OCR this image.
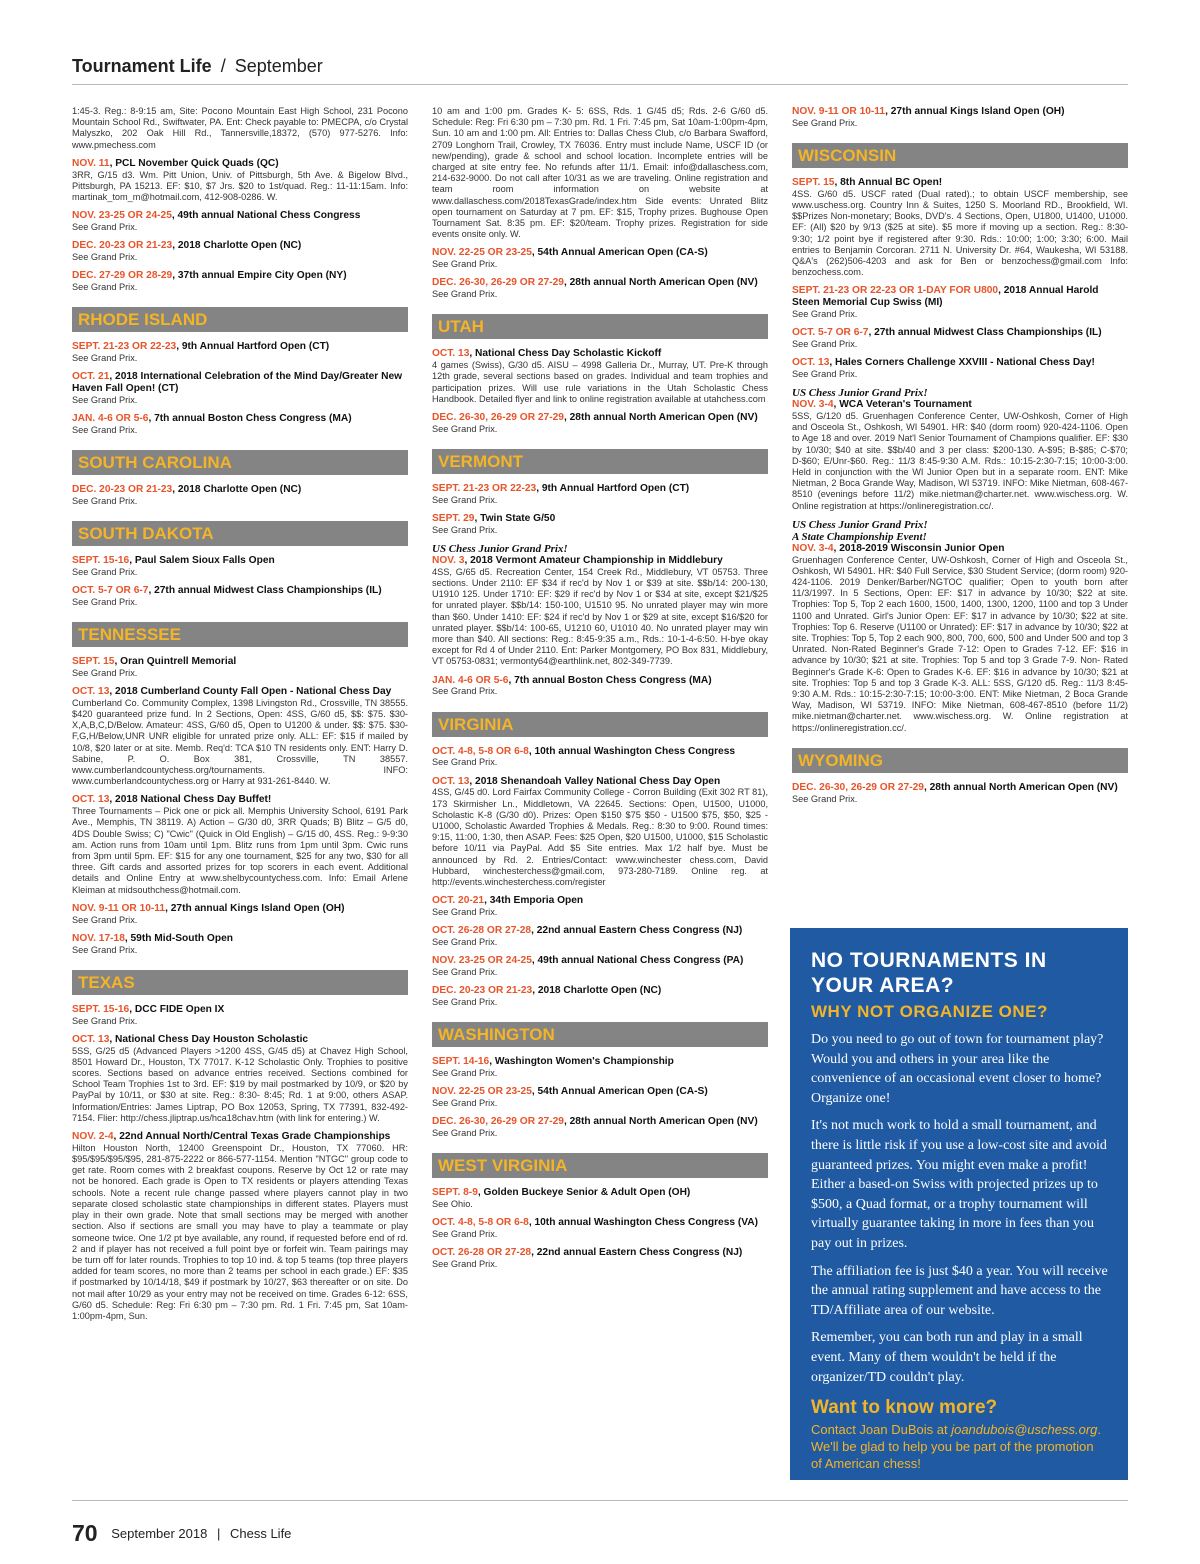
Tournament Life / September
1:45-3. Reg.: 8-9:15 am, Site: Pocono Mountain East High School, 231 Pocono Mountain School Rd., Swiftwater, PA. Ent: Check payable to: PMECPA, c/o Crystal Malyszko, 202 Oak Hill Rd., Tannersville,18372, (570) 977-5276. Info: www.pmechess.com
NOV. 11, PCL November Quick Quads (QC)
3RR, G/15 d3. Wm. Pitt Union, Univ. of Pittsburgh, 5th Ave. & Bigelow Blvd., Pittsburgh, PA 15213. EF: $10, $7 Jrs. $20 to 1st/quad. Reg.: 11-11:15am. Info: martinak_tom_m@hotmail.com, 412-908-0286. W.
NOV. 23-25 OR 24-25, 49th annual National Chess Congress
See Grand Prix.
DEC. 20-23 OR 21-23, 2018 Charlotte Open (NC)
See Grand Prix.
DEC. 27-29 OR 28-29, 37th annual Empire City Open (NY)
See Grand Prix.
RHODE ISLAND
SEPT. 21-23 OR 22-23, 9th Annual Hartford Open (CT)
See Grand Prix.
OCT. 21, 2018 International Celebration of the Mind Day/Greater New Haven Fall Open! (CT)
See Grand Prix.
JAN. 4-6 OR 5-6, 7th annual Boston Chess Congress (MA)
See Grand Prix.
SOUTH CAROLINA
DEC. 20-23 OR 21-23, 2018 Charlotte Open (NC)
See Grand Prix.
SOUTH DAKOTA
SEPT. 15-16, Paul Salem Sioux Falls Open
See Grand Prix.
OCT. 5-7 OR 6-7, 27th annual Midwest Class Championships (IL)
See Grand Prix.
TENNESSEE
SEPT. 15, Oran Quintrell Memorial
See Grand Prix.
OCT. 13, 2018 Cumberland County Fall Open - National Chess Day
Cumberland Co. Community Complex, 1398 Livingston Rd., Crossville, TN 38555. $420 guaranteed prize fund. In 2 Sections, Open: 4SS, G/60 d5, $$: $75. $30-X,A,B,C,D/Below. Amateur: 4SS, G/60 d5, Open to U1200 & under. $$: $75. $30-F,G,H/Below,UNR UNR eligible for unrated prize only. ALL: EF: $15 if mailed by 10/8, $20 later or at site. Memb. Req'd: TCA $10 TN residents only. ENT: Harry D. Sabine, P. O. Box 381, Crossville, TN 38557. www.cumberlandcountychess.org/tournaments. INFO: www.cumberlandcountychess.org or Harry at 931-261-8440. W.
OCT. 13, 2018 National Chess Day Buffet!
Three Tournaments – Pick one or pick all. Memphis University School, 6191 Park Ave., Memphis, TN 38119. A) Action – G/30 d0, 3RR Quads; B) Blitz – G/5 d0, 4DS Double Swiss; C) "Cwic" (Quick in Old English) – G/15 d0, 4SS. Reg.: 9-9:30 am. Action runs from 10am until 1pm. Blitz runs from 1pm until 3pm. Cwic runs from 3pm until 5pm. EF: $15 for any one tournament, $25 for any two, $30 for all three. Gift cards and assorted prizes for top scorers in each event. Additional details and Online Entry at www.shelbycountychess.com. Info: Email Arlene Kleiman at midsouthchess@hotmail.com.
NOV. 9-11 OR 10-11, 27th annual Kings Island Open (OH)
See Grand Prix.
NOV. 17-18, 59th Mid-South Open
See Grand Prix.
TEXAS
SEPT. 15-16, DCC FIDE Open IX
See Grand Prix.
OCT. 13, National Chess Day Houston Scholastic
5SS, G/25 d5 (Advanced Players >1200 4SS, G/45 d5) at Chavez High School, 8501 Howard Dr., Houston, TX 77017. K-12 Scholastic Only. Trophies to positive scores. Sections based on advance entries received. Sections combined for School Team Trophies 1st to 3rd. EF: $19 by mail postmarked by 10/9, or $20 by PayPal by 10/11, or $30 at site. Reg.: 8:30- 8:45; Rd. 1 at 9:00, others ASAP. Information/Entries: James Liptrap, PO Box 12053, Spring, TX 77391, 832-492-7154. Flier: http://chess.jliptrap.us/hca18chav.htm (with link for entering.) W.
NOV. 2-4, 22nd Annual North/Central Texas Grade Championships
Hilton Houston North, 12400 Greenspoint Dr., Houston, TX 77060. HR: $95/$95/$95/$95, 281-875-2222 or 866-577-1154. Mention "NTGC" group code to get rate. Room comes with 2 breakfast coupons. Reserve by Oct 12 or rate may not be honored. Each grade is Open to TX residents or players attending Texas schools. Note a recent rule change passed where players cannot play in two separate closed scholastic state championships in different states. Players must play in their own grade. Note that small sections may be merged with another section. Also if sections are small you may have to play a teammate or play someone twice. One 1/2 pt bye available, any round, if requested before end of rd. 2 and if player has not received a full point bye or forfeit win. Team pairings may be turn off for later rounds. Trophies to top 10 ind. & top 5 teams (top three players added for team scores, no more than 2 teams per school in each grade.) EF: $35 if postmarked by 10/14/18, $49 if postmark by 10/27, $63 thereafter or on site. Do not mail after 10/29 as your entry may not be received on time. Grades 6-12: 6SS, G/60 d5. Schedule: Reg: Fri 6:30 pm – 7:30 pm. Rd. 1 Fri. 7:45 pm, Sat 10am-1:00pm-4pm, Sun.
10 am and 1:00 pm. Grades K- 5: 6SS, Rds. 1 G/45 d5; Rds. 2-6 G/60 d5. Schedule: Reg: Fri 6:30 pm – 7:30 pm. Rd. 1 Fri. 7:45 pm, Sat 10am-1:00pm-4pm, Sun. 10 am and 1:00 pm. All: Entries to: Dallas Chess Club, c/o Barbara Swafford, 2709 Longhorn Trail, Crowley, TX 76036. Entry must include Name, USCF ID (or new/pending), grade & school and school location. Incomplete entries will be charged at site entry fee. No refunds after 11/1. Email: info@dallaschess.com, 214-632-9000. Do not call after 10/31 as we are traveling. Online registration and team room information on website at www.dallaschess.com/2018TexasGrade/index.htm Side events: Unrated Blitz open tournament on Saturday at 7 pm. EF: $15, Trophy prizes. Bughouse Open Tournament Sat. 8:35 pm. EF: $20/team. Trophy prizes. Registration for side events onsite only. W.
NOV. 22-25 OR 23-25, 54th Annual American Open (CA-S)
See Grand Prix.
DEC. 26-30, 26-29 OR 27-29, 28th annual North American Open (NV)
See Grand Prix.
UTAH
OCT. 13, National Chess Day Scholastic Kickoff
4 games (Swiss), G/30 d5. AISU – 4998 Galleria Dr., Murray, UT. Pre-K through 12th grade, several sections based on grades. Individual and team trophies and participation prizes. Will use rule variations in the Utah Scholastic Chess Handbook. Detailed flyer and link to online registration available at utahchess.com
DEC. 26-30, 26-29 OR 27-29, 28th annual North American Open (NV)
See Grand Prix.
VERMONT
SEPT. 21-23 OR 22-23, 9th Annual Hartford Open (CT)
See Grand Prix.
SEPT. 29, Twin State G/50
See Grand Prix.
US Chess Junior Grand Prix!
NOV. 3, 2018 Vermont Amateur Championship in Middlebury
4SS, G/65 d5. Recreation Center, 154 Creek Rd., Middlebury, VT 05753. Three sections. Under 2110: EF $34 if rec'd by Nov 1 or $39 at site. $$b/14: 200-130, U1910 125. Under 1710: EF: $29 if rec'd by Nov 1 or $34 at site, except $21/$25 for unrated player. $$b/14: 150-100, U1510 95. No unrated player may win more than $60. Under 1410: EF: $24 if rec'd by Nov 1 or $29 at site, except $16/$20 for unrated player. $$b/14: 100-65, U1210 60, U1010 40. No unrated player may win more than $40. All sections: Reg.: 8:45-9:35 a.m., Rds.: 10-1-4-6:50. H-bye okay except for Rd 4 of Under 2110. Ent: Parker Montgomery, PO Box 831, Middlebury, VT 05753-0831; vermonty64@earthlink.net, 802-349-7739.
JAN. 4-6 OR 5-6, 7th annual Boston Chess Congress (MA)
See Grand Prix.
VIRGINIA
OCT. 4-8, 5-8 OR 6-8, 10th annual Washington Chess Congress
See Grand Prix.
OCT. 13, 2018 Shenandoah Valley National Chess Day Open
4SS, G/45 d0. Lord Fairfax Community College - Corron Building (Exit 302 RT 81), 173 Skirmisher Ln., Middletown, VA 22645. Sections: Open, U1500, U1000, Scholastic K-8 (G/30 d0). Prizes: Open $150 $75 $50 - U1500 $75, $50, $25 - U1000, Scholastic Awarded Trophies & Medals. Reg.: 8:30 to 9:00. Round times: 9:15, 11:00, 1:30, then ASAP. Fees: $25 Open, $20 U1500, U1000, $15 Scholastic before 10/11 via PayPal. Add $5 Site entries. Max 1/2 half bye. Must be announced by Rd. 2. Entries/Contact: www.winchester chess.com, David Hubbard, winchesterchess@gmail.com, 973-280-7189. Online reg. at http://events.winchesterchess.com/register
OCT. 20-21, 34th Emporia Open
See Grand Prix.
OCT. 26-28 OR 27-28, 22nd annual Eastern Chess Congress (NJ)
See Grand Prix.
NOV. 23-25 OR 24-25, 49th annual National Chess Congress (PA)
See Grand Prix.
DEC. 20-23 OR 21-23, 2018 Charlotte Open (NC)
See Grand Prix.
WASHINGTON
SEPT. 14-16, Washington Women's Championship
See Grand Prix.
NOV. 22-25 OR 23-25, 54th Annual American Open (CA-S)
See Grand Prix.
DEC. 26-30, 26-29 OR 27-29, 28th annual North American Open (NV)
See Grand Prix.
WEST VIRGINIA
SEPT. 8-9, Golden Buckeye Senior & Adult Open (OH)
See Ohio.
OCT. 4-8, 5-8 OR 6-8, 10th annual Washington Chess Congress (VA)
See Grand Prix.
OCT. 26-28 OR 27-28, 22nd annual Eastern Chess Congress (NJ)
See Grand Prix.
NOV. 9-11 OR 10-11, 27th annual Kings Island Open (OH)
See Grand Prix.
WISCONSIN
SEPT. 15, 8th Annual BC Open!
4SS. G/60 d5. USCF rated (Dual rated).; to obtain USCF membership, see www.uschess.org. Country Inn & Suites, 1250 S. Moorland RD., Brookfield, WI. $$Prizes Non-monetary; Books, DVD's. 4 Sections, Open, U1800, U1400, U1000. EF: (All) $20 by 9/13 ($25 at site). $5 more if moving up a section. Reg.: 8:30-9:30; 1/2 point bye if registered after 9:30. Rds.: 10:00; 1:00; 3:30; 6:00. Mail entries to Benjamin Corcoran. 2711 N. University Dr. #64, Waukesha, WI 53188. Q&A's (262)506-4203 and ask for Ben or benzochess@gmail.com Info: benzochess.com.
SEPT. 21-23 OR 22-23 OR 1-DAY FOR U800, 2018 Annual Harold Steen Memorial Cup Swiss (MI)
See Grand Prix.
OCT. 5-7 OR 6-7, 27th annual Midwest Class Championships (IL)
See Grand Prix.
OCT. 13, Hales Corners Challenge XXVIII - National Chess Day!
See Grand Prix.
US Chess Junior Grand Prix!
NOV. 3-4, WCA Veteran's Tournament
5SS, G/120 d5. Gruenhagen Conference Center, UW-Oshkosh, Corner of High and Osceola St., Oshkosh, WI 54901. HR: $40 (dorm room) 920-424-1106. Open to Age 18 and over. 2019 Nat'l Senior Tournament of Champions qualifier. EF: $30 by 10/30; $40 at site. $$b/40 and 3 per class: $200-130. A-$95; B-$85; C-$70; D-$60; E/Unr-$60. Reg.: 11/3 8:45-9:30 A.M. Rds.: 10:15-2:30-7:15; 10:00-3:00. Held in conjunction with the WI Junior Open but in a separate room. ENT: Mike Nietman, 2 Boca Grande Way, Madison, WI 53719. INFO: Mike Nietman, 608-467- 8510 (evenings before 11/2) mike.nietman@charter.net. www.wischess.org. W. Online registration at https://onlineregistration.cc/.
US Chess Junior Grand Prix!
A State Championship Event!
NOV. 3-4, 2018-2019 Wisconsin Junior Open
Gruenhagen Conference Center, UW-Oshkosh, Corner of High and Osceola St., Oshkosh, WI 54901. HR: $40 Full Service, $30 Student Service; (dorm room) 920-424-1106. 2019 Denker/Barber/NGTOC qualifier; Open to youth born after 11/3/1997. In 5 Sections, Open: EF: $17 in advance by 10/30; $22 at site. Trophies: Top 5, Top 2 each 1600, 1500, 1400, 1300, 1200, 1100 and top 3 Under 1100 and Unrated. Girl's Junior Open: EF: $17 in advance by 10/30; $22 at site. Trophies: Top 6. Reserve (U1100 or Unrated): EF: $17 in advance by 10/30; $22 at site. Trophies: Top 5, Top 2 each 900, 800, 700, 600, 500 and Under 500 and top 3 Unrated. Non-Rated Beginner's Grade 7-12: Open to Grades 7-12. EF: $16 in advance by 10/30; $21 at site. Trophies: Top 5 and top 3 Grade 7-9. Non- Rated Beginner's Grade K-6: Open to Grades K-6. EF: $16 in advance by 10/30; $21 at site. Trophies: Top 5 and top 3 Grade K-3. ALL: 5SS, G/120 d5. Reg.: 11/3 8:45-9:30 A.M. Rds.: 10:15-2:30-7:15; 10:00-3:00. ENT: Mike Nietman, 2 Boca Grande Way, Madison, WI 53719. INFO: Mike Nietman, 608-467-8510 (before 11/2) mike.nietman@charter.net. www.wischess.org. W. Online registration at https://onlineregistration.cc/.
WYOMING
DEC. 26-30, 26-29 OR 27-29, 28th annual North American Open (NV)
See Grand Prix.
NO TOURNAMENTS IN YOUR AREA?
WHY NOT ORGANIZE ONE?

Do you need to go out of town for tournament play? Would you and others in your area like the convenience of an occasional event closer to home? Organize one!

It's not much work to hold a small tournament, and there is little risk if you use a low-cost site and avoid guaranteed prizes. You might even make a profit! Either a based-on Swiss with projected prizes up to $500, a Quad format, or a trophy tournament will virtually guarantee taking in more in fees than you pay out in prizes.

The affiliation fee is just $40 a year. You will receive the annual rating supplement and have access to the TD/Affiliate area of our website.

Remember, you can both run and play in a small event. Many of them wouldn't be held if the organizer/TD couldn't play.

Want to know more?
Contact Joan DuBois at joandubois@uschess.org. We'll be glad to help you be part of the promotion of American chess!
70 September 2018 | Chess Life
